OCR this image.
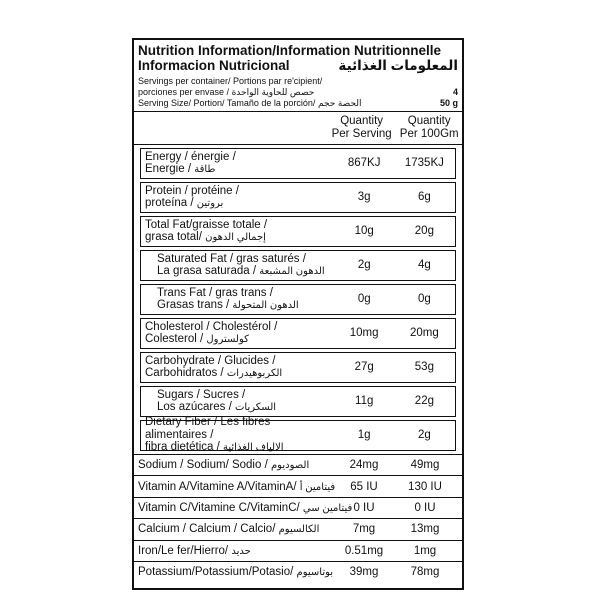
Nutrition Information/Information Nutritionnelle
Informacion Nutricional	المعلومات الغذائية
Servings per container/ Portions par re'cipient/
porciones per envase / حصص للحاوية الواحدة	4
Serving Size/ Portion/ Tamaño de la porción/ الحصة حجم	50 g
Quantity
Per Serving
Quantity
Per 100Gm
Energy / énergie /
Energie / طاقة
867KJ	1735KJ
Protein / protéine /
proteína / بروتين
3g	6g
Total Fat/graisse totale /
grasa total/ إجمالي الدهون
10g	20g
Saturated Fat / gras saturés /
La grasa saturada / الدهون المشبعة
2g	4g
Trans Fat / gras trans /
Grasas trans / الدهون المتحولة
0g	0g
Cholesterol / Cholestérol /
Colesterol / كولسترول
10mg	20mg
Carbohydrate / Glucides /
Carbohidratos / الكربوهيدرات
27g	53g
Sugars / Sucres /
Los azúcares / السكريات
11g	22g
Dietary Fiber / Les fibres alimentaires /
fibra dietética / الالياف الغذائية
1g	2g
Sodium / Sodium/ Sodio / الصوديوم	24mg	49mg
Vitamin A/Vitamine A/VitaminA/ فيتامين أ	65 IU	130 IU
Vitamin C/Vitamine C/VitaminC/ فيتامين سي 0 IU	0 IU
Calcium / Calcium / Calcio/ الكالسيوم	7mg	13mg
Iron/Le fer/Hierro/ حديد	0.51mg	1mg
Potassium/Potassium/Potasio/ بوتاسيوم	39mg	78mg
